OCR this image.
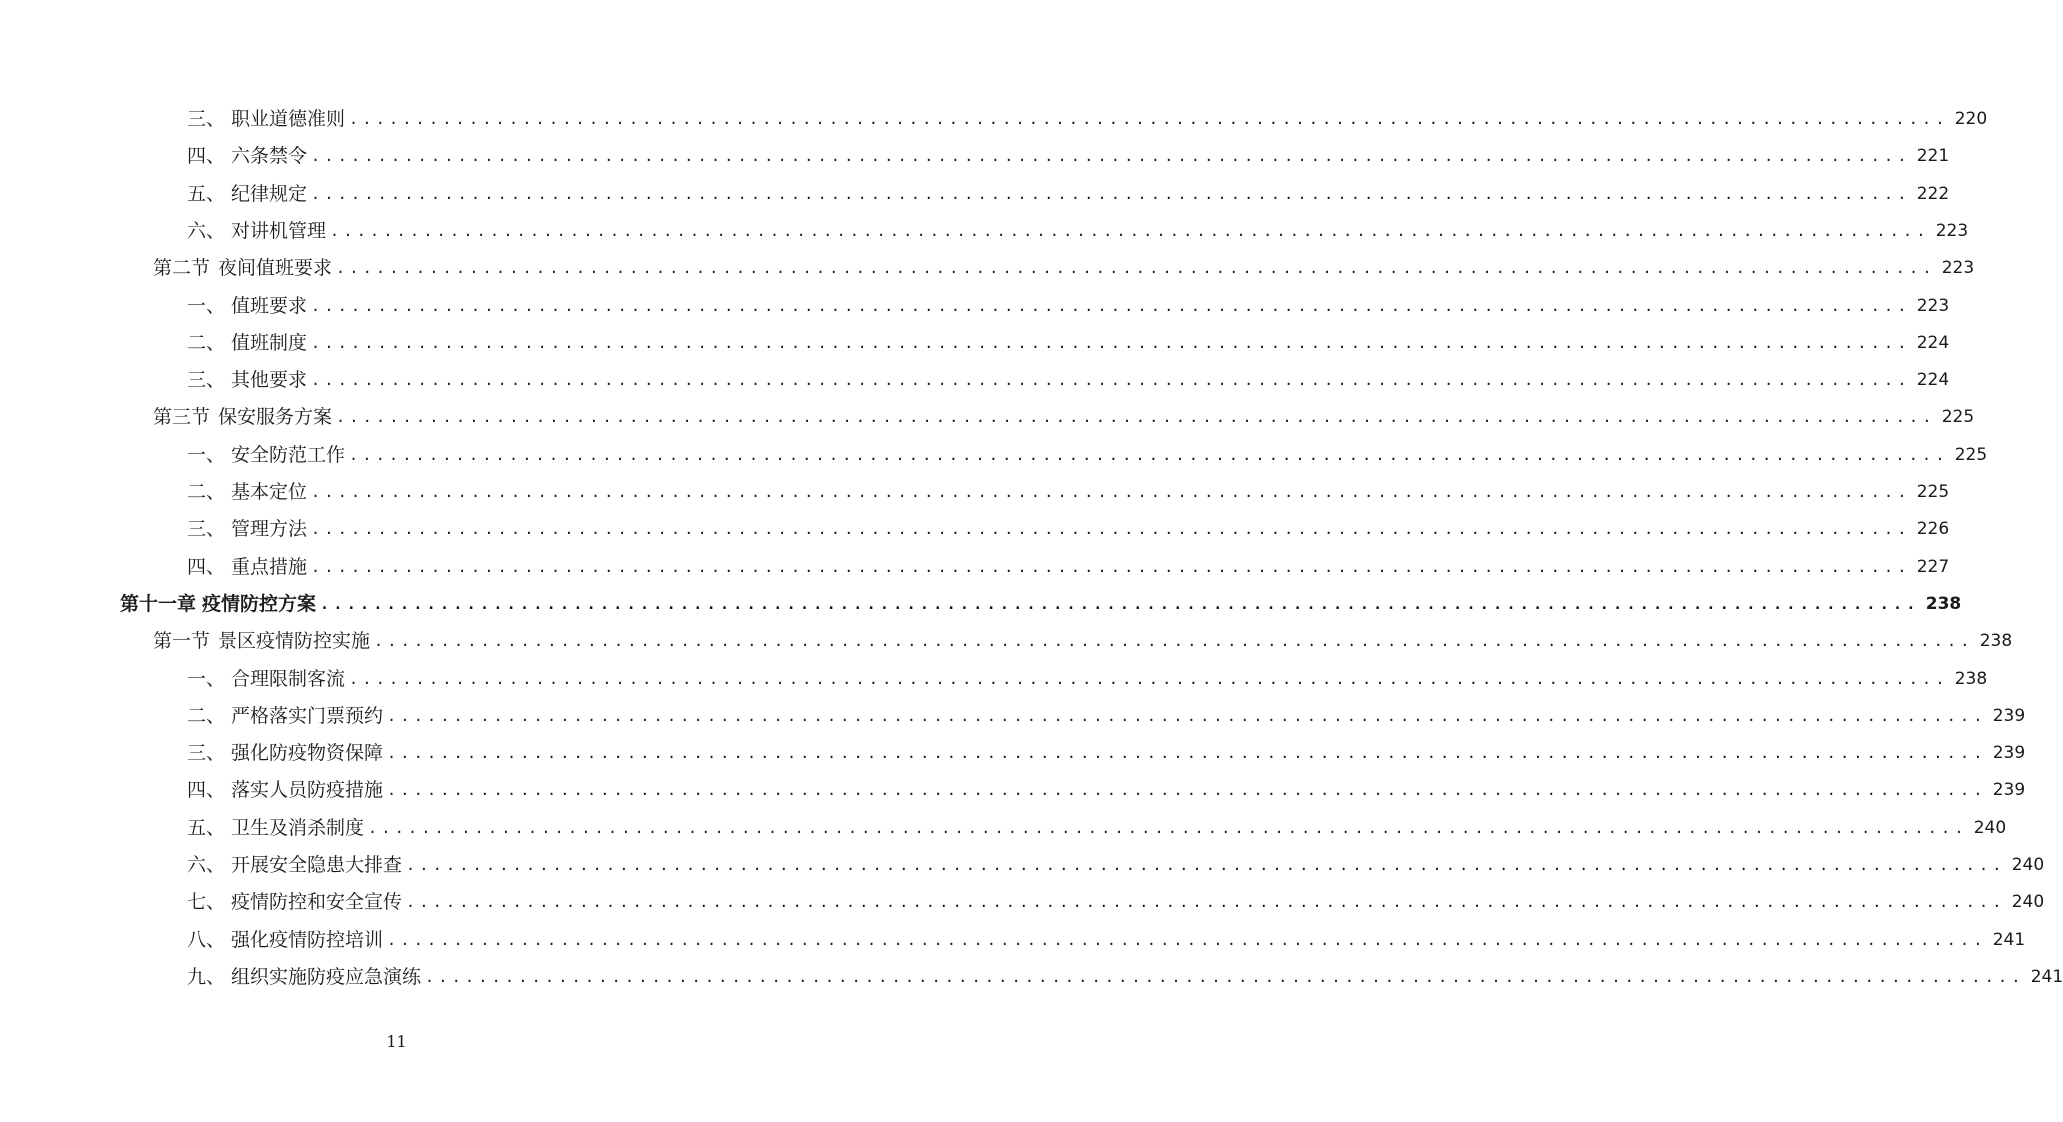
三、 职业道德准则 ........................................................................................................................ 220
四、 六条禁令 ........................................................................................................................ 221
五、 纪律规定 ........................................................................................................................ 222
六、 对讲机管理 ........................................................................................................................ 223
第二节 夜间值班要求 ........................................................................................................................ 223
一、 值班要求 ........................................................................................................................ 223
二、 值班制度 ........................................................................................................................ 224
三、 其他要求 ........................................................................................................................ 224
第三节 保安服务方案 ........................................................................................................................ 225
一、 安全防范工作 ........................................................................................................................ 225
二、 基本定位 ........................................................................................................................ 225
三、 管理方法 ........................................................................................................................ 226
四、 重点措施 ........................................................................................................................ 227
第十一章 疫情防控方案 ........................................................................................................................ 238
第一节 景区疫情防控实施 ........................................................................................................................ 238
一、 合理限制客流 ........................................................................................................................ 238
二、 严格落实门票预约 ........................................................................................................................ 239
三、 强化防疫物资保障 ........................................................................................................................ 239
四、 落实人员防疫措施 ........................................................................................................................ 239
五、 卫生及消杀制度 ........................................................................................................................ 240
六、 开展安全隐患大排查 ........................................................................................................................ 240
七、 疫情防控和安全宣传 ........................................................................................................................ 240
八、 强化疫情防控培训 ........................................................................................................................ 241
九、 组织实施防疫应急演练 ........................................................................................................................ 241
11
